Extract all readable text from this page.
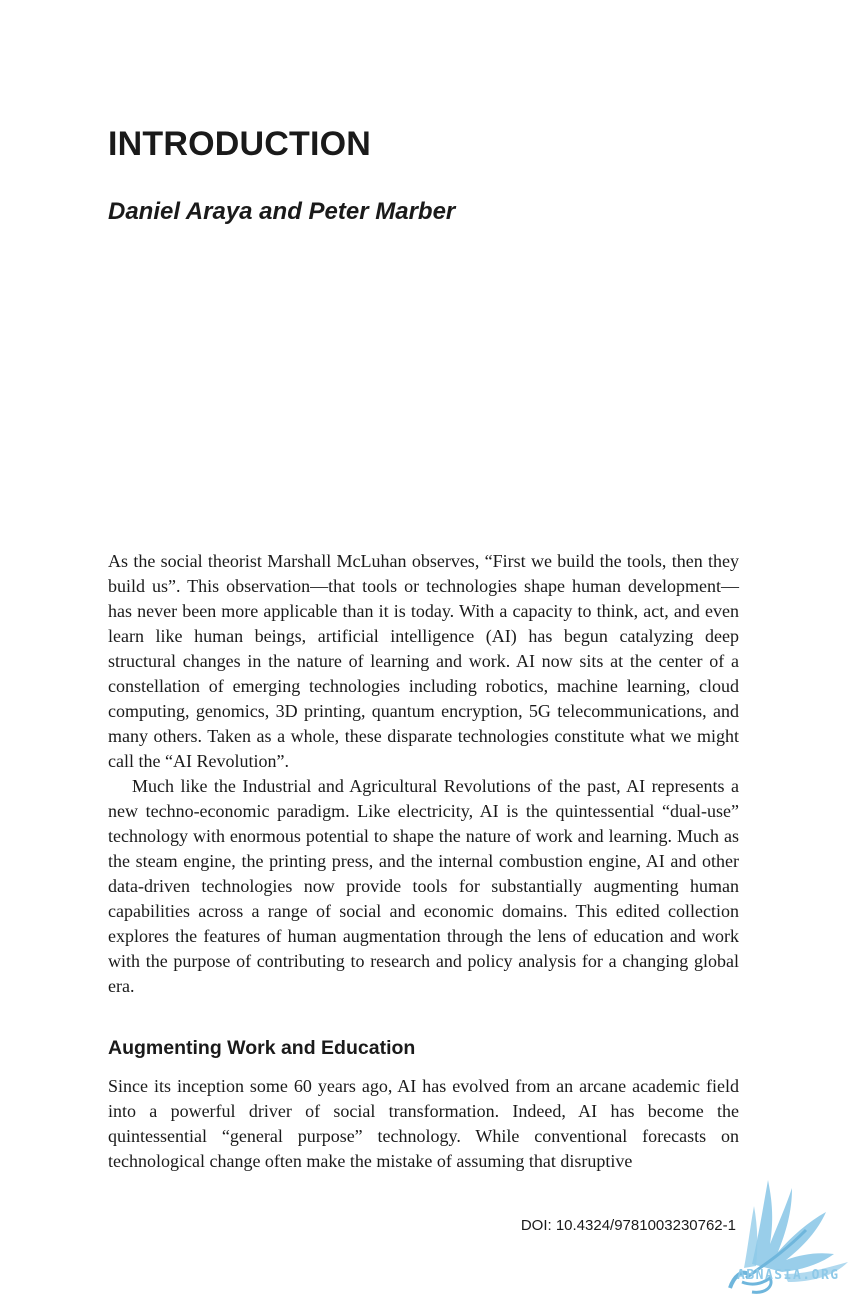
INTRODUCTION
Daniel Araya and Peter Marber

As the social theorist Marshall McLuhan observes, “First we build the tools, then they build us”. This observation—that tools or technologies shape human development—has never been more applicable than it is today. With a capacity to think, act, and even learn like human beings, artificial intelligence (AI) has begun catalyzing deep structural changes in the nature of learning and work. AI now sits at the center of a constellation of emerging technologies including robotics, machine learning, cloud computing, genomics, 3D printing, quantum encryption, 5G telecommunications, and many others. Taken as a whole, these disparate technologies constitute what we might call the “AI Revolution”.

Much like the Industrial and Agricultural Revolutions of the past, AI represents a new techno-economic paradigm. Like electricity, AI is the quintessential “dual-use” technology with enormous potential to shape the nature of work and learning. Much as the steam engine, the printing press, and the internal combustion engine, AI and other data-driven technologies now provide tools for substantially augmenting human capabilities across a range of social and economic domains. This edited collection explores the features of human augmentation through the lens of education and work with the purpose of contributing to research and policy analysis for a changing global era.

Augmenting Work and Education

Since its inception some 60 years ago, AI has evolved from an arcane academic field into a powerful driver of social transformation. Indeed, AI has become the quintessential “general purpose” technology. While conventional forecasts on technological change often make the mistake of assuming that disruptive

DOI: 10.4324/9781003230762-1
ABNASIA.ORG
